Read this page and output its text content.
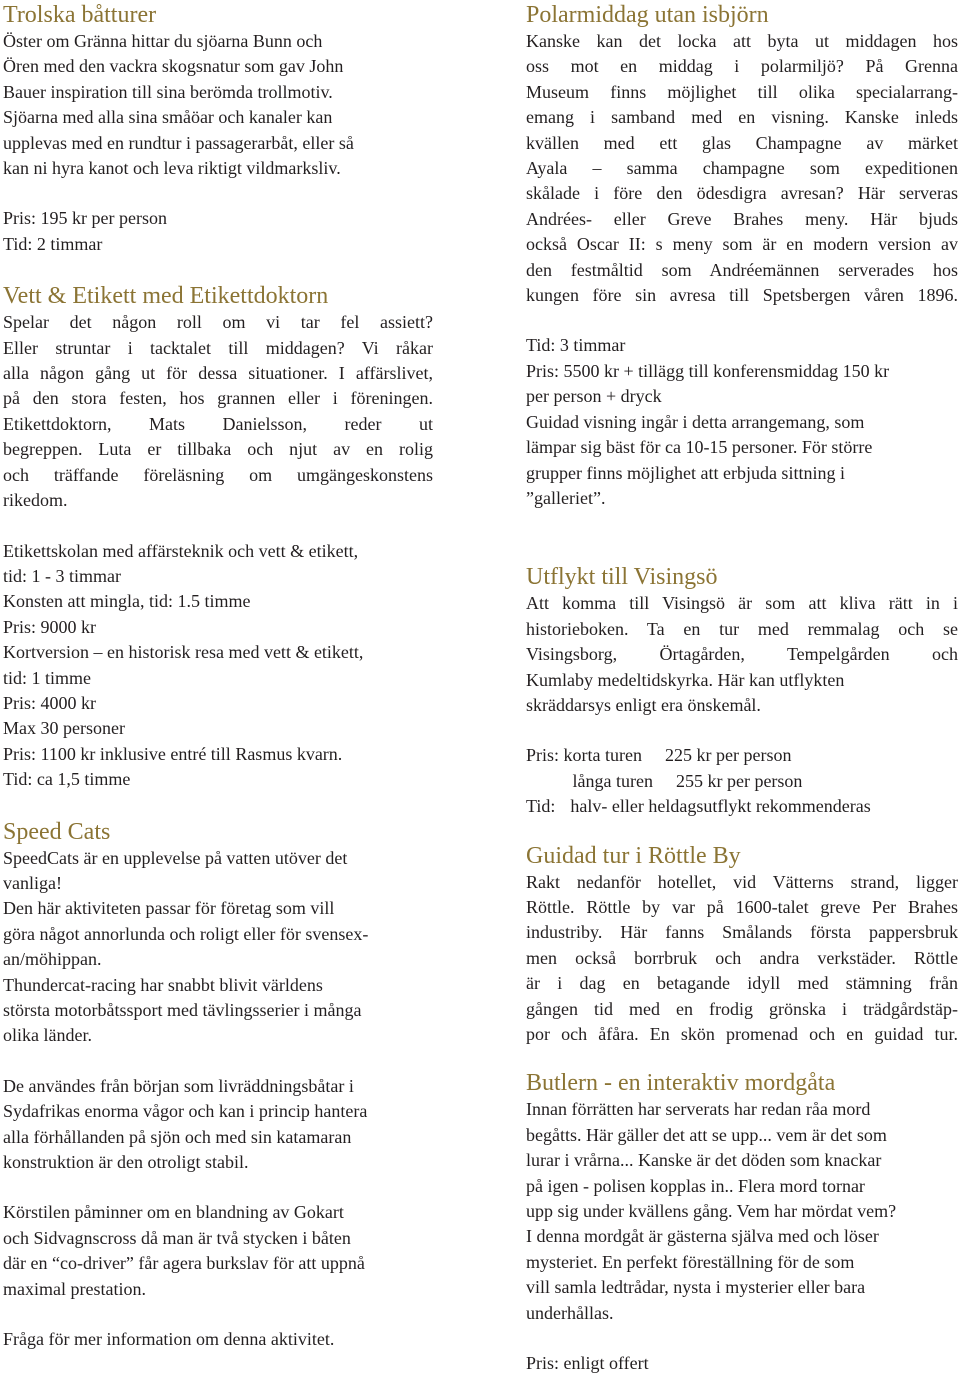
Trolska båtturer
Öster om Gränna hittar du sjöarna Bunn och
Ören med den vackra skogsnatur som gav John
Bauer inspiration till sina berömda trollmotiv.
Sjöarna med alla sina småöar och kanaler kan
upplevas med en rundtur i passagerarbåt, eller så
kan ni hyra kanot och leva riktigt vildmarksliv.
Pris: 195 kr per person
Tid: 2 timmar
Vett & Etikett med Etikettdoktorn
Spelar det någon roll om vi tar fel assiett?
Eller struntar i tacktalet till middagen? Vi råkar
alla någon gång ut för dessa situationer. I affärslivet,
på den stora festen, hos grannen eller i föreningen.
Etikettdoktorn, Mats Danielsson, reder ut
begreppen. Luta er tillbaka och njut av en rolig
och träffande föreläsning om umgängeskonstens
rikedom.
Etikettskolan med affärsteknik och vett & etikett,
tid: 1 - 3 timmar
Konsten att mingla, tid: 1.5 timme
Pris: 9000 kr
Kortversion – en historisk resa med vett & etikett,
tid: 1 timme
Pris: 4000 kr
Max 30 personer
Pris: 1100 kr inklusive entré till Rasmus kvarn.
Tid: ca 1,5 timme
Speed Cats
SpeedCats är en upplevelse på vatten utöver det
vanliga!
Den här aktiviteten passar för företag som vill
göra något annorlunda och roligt eller för svensex-
an/möhippan.
Thundercat-racing har snabbt blivit världens
största motorbåtssport med tävlingsserier i många
olika länder.
De användes från början som livräddningsbåtar i
Sydafrikas enorma vågor och kan i princip hantera
alla förhållanden på sjön och med sin katamaran
konstruktion är den otroligt stabil.
Körstilen påminner om en blandning av Gokart
och Sidvagnscross då man är två stycken i båten
där en “co-driver” får agera burkslav för att uppnå
maximal prestation.
Fråga för mer information om denna aktivitet.
Polarmiddag utan isbjörn
Kanske kan det locka att byta ut middagen hos
oss mot en middag i polarmiljö? På Grenna
Museum finns möjlighet till olika specialarrang-
emang i samband med en visning. Kanske inleds
kvällen med ett glas Champagne av märket
Ayala – samma champagne som expeditionen
skålade i före den ödesdigra avresan? Här serveras
Andrées- eller Greve Brahes meny. Här bjuds
också Oscar II: s meny som är en modern version av
den festmåltid som Andréemännen serverades hos
kungen före sin avresa till Spetsbergen våren 1896.
Tid: 3 timmar
Pris: 5500 kr + tillägg till konferensmiddag 150 kr
per person + dryck
Guidad visning ingår i detta arrangemang, som
lämpar sig bäst för ca 10-15 personer. För större
grupper finns möjlighet att erbjuda sittning i
”galleriet”.
Utflykt till Visingsö
Att komma till Visingsö är som att kliva rätt in i
historieboken. Ta en tur med remmalag och se
Visingsborg, Örtagården, Tempelgården och
Kumlaby medeltidskyrka. Här kan utflykten
skräddarsys enligt era önskemål.
Pris: korta turen 225 kr per person
långa turen 255 kr per person
Tid: halv- eller heldagsutflykt rekommenderas
Guidad tur i Röttle By
Rakt nedanför hotellet, vid Vätterns strand, ligger
Röttle. Röttle by var på 1600-talet greve Per Brahes
industriby. Här fanns Smålands första pappersbruk
men också borrbruk och andra verkstäder. Röttle
är i dag en betagande idyll med stämning från
gången tid med en frodig grönska i trädgårdstäp-
por och åfåra. En skön promenad och en guidad tur.
Butlern - en interaktiv mordgåta
Innan förrätten har serverats har redan råa mord
begåtts. Här gäller det att se upp... vem är det som
lurar i vrårna... Kanske är det döden som knackar
på igen - polisen kopplas in.. Flera mord tornar
upp sig under kvällens gång. Vem har mördat vem?
I denna mordgåt är gästerna själva med och löser
mysteriet. En perfekt föreställning för de som
vill samla ledtrådar, nysta i mysterier eller bara
underhållas.
Pris: enligt offert
